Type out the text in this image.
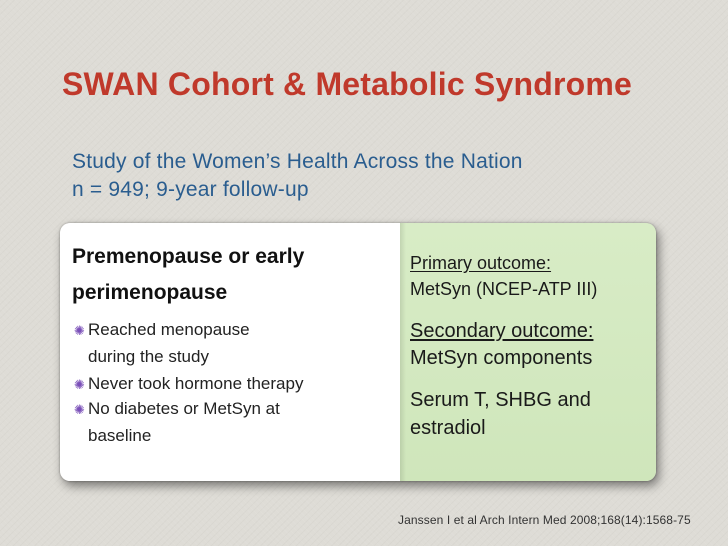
SWAN Cohort & Metabolic Syndrome
Study of the Women’s Health Across the Nation
n = 949; 9-year follow-up
Premenopause or early
perimenopause
✺ Reached menopause
during the study
✺ Never took hormone therapy
✺ No diabetes or MetSyn at
baseline
Primary outcome:
MetSyn (NCEP-ATP III)
Secondary outcome:
MetSyn components
Serum T, SHBG and
estradiol
Janssen I et al Arch Intern Med 2008;168(14):1568-75
